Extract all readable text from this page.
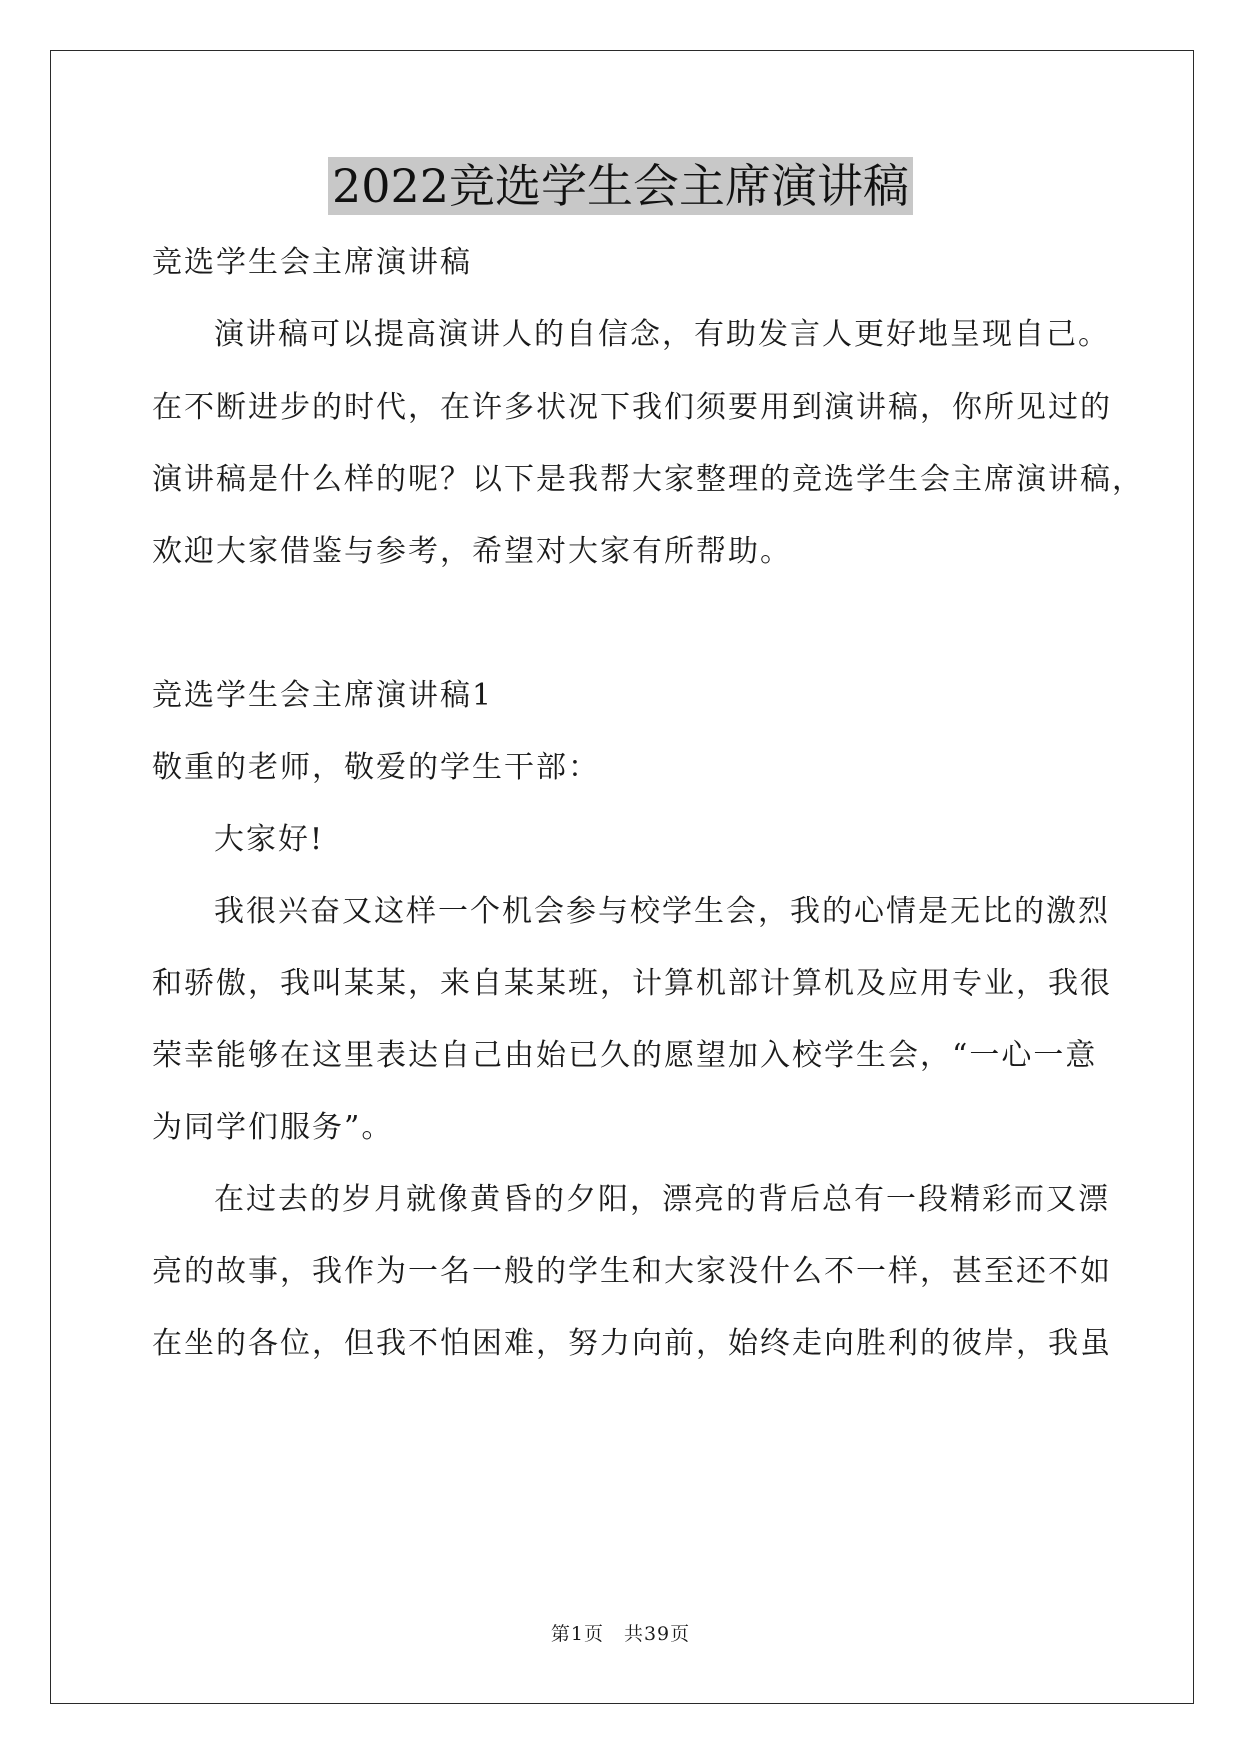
2022竞选学生会主席演讲稿
竞选学生会主席演讲稿
演讲稿可以提高演讲人的自信念，有助发言人更好地呈现自己。
在不断进步的时代，在许多状况下我们须要用到演讲稿，你所见过的
演讲稿是什么样的呢？以下是我帮大家整理的竞选学生会主席演讲稿，
欢迎大家借鉴与参考，希望对大家有所帮助。
竞选学生会主席演讲稿1
敬重的老师，敬爱的学生干部：
大家好!
我很兴奋又这样一个机会参与校学生会，我的心情是无比的激烈
和骄傲，我叫某某，来自某某班，计算机部计算机及应用专业，我很
荣幸能够在这里表达自己由始已久的愿望加入校学生会，“一心一意
为同学们服务”。
在过去的岁月就像黄昏的夕阳，漂亮的背后总有一段精彩而又漂
亮的故事，我作为一名一般的学生和大家没什么不一样，甚至还不如
在坐的各位，但我不怕困难，努力向前，始终走向胜利的彼岸，我虽
第1页　共39页
